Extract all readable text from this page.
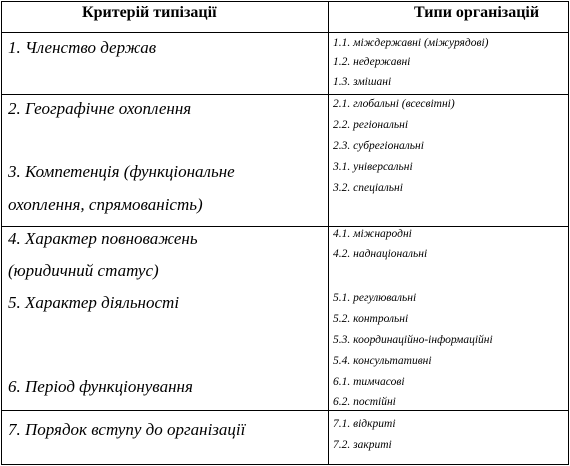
Критерій типізації	Типи організацій
1. Членство держав
2. Географічне охоплення
3. Компетенція (функціональне
охоплення, спрямованість)
4. Характер повноважень
(юридичний статус)
5. Характер діяльності
6. Період функціонування
7. Порядок вступу до організації
1.1. міждержавні (міжурядові)
1.2. недержавні
1.3. змішані
2.1. глобальні (всесвітні)
2.2. регіональні
2.3. субрегіональні
3.1. універсальні
3.2. спеціальні
4.1. міжнародні
4.2. наднаціональні
5.1. регулювальні
5.2. контрольні
5.3. координаційно-інформаційні
5.4. консультативні
6.1. тимчасові
6.2. постійні
7.1. відкриті
7.2. закриті
